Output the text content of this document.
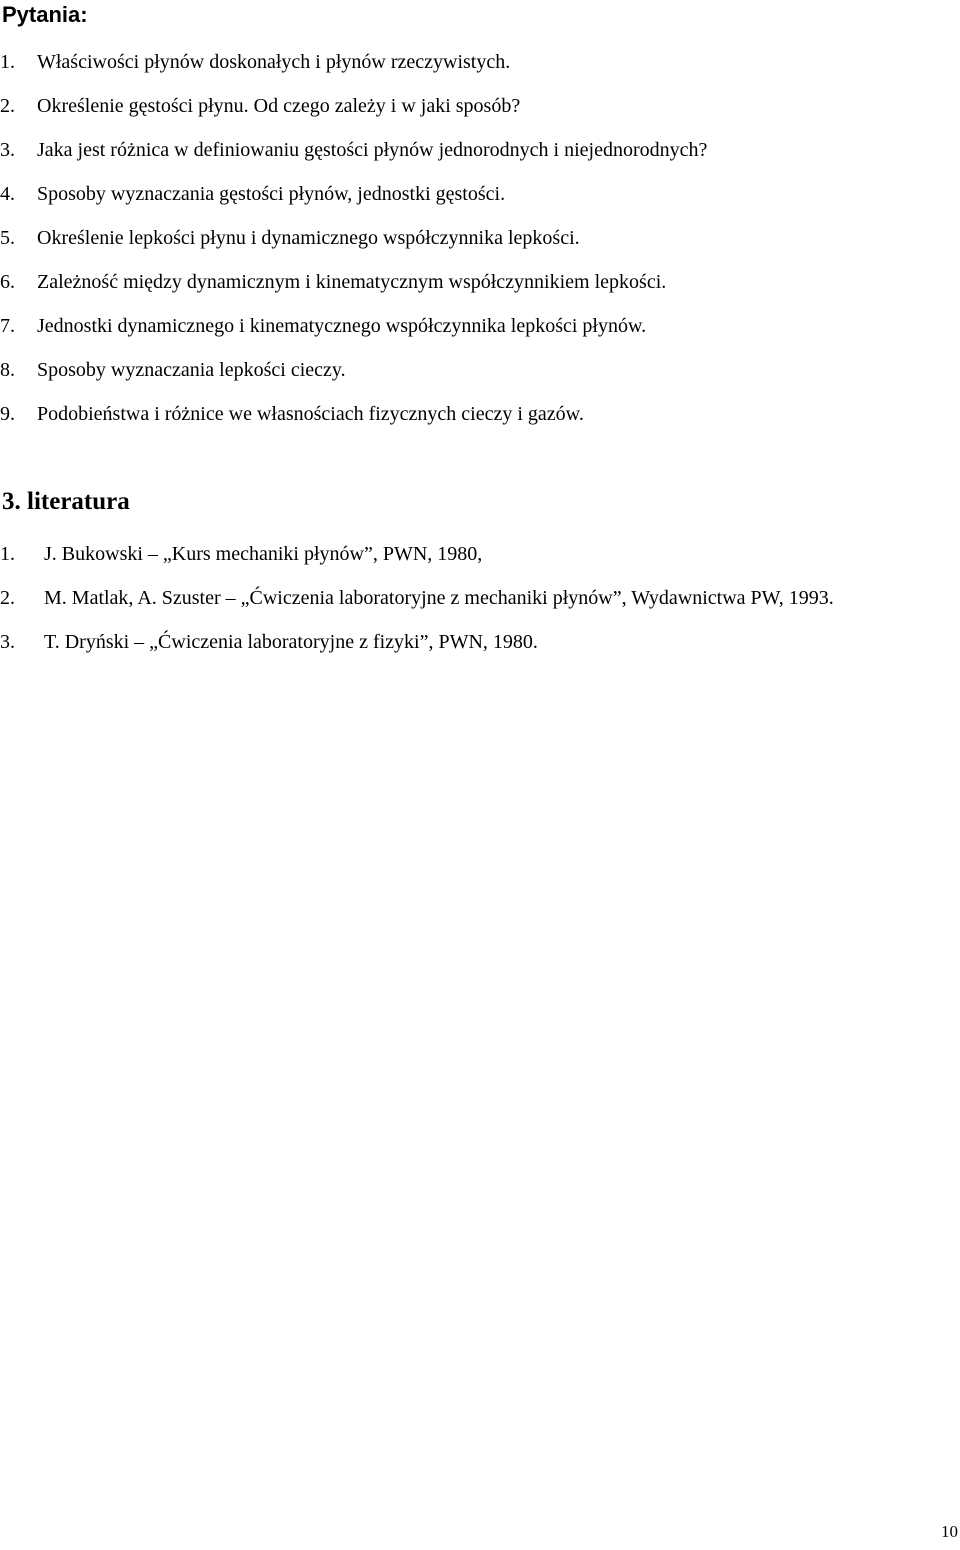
Pytania:
1.	Właściwości płynów doskonałych i płynów rzeczywistych.
2.	Określenie gęstości płynu. Od czego zależy i w jaki sposób?
3.	Jaka jest różnica w definiowaniu gęstości płynów jednorodnych i niejednorodnych?
4.	Sposoby wyznaczania gęstości płynów, jednostki gęstości.
5.	Określenie lepkości płynu i dynamicznego współczynnika lepkości.
6.	Zależność między dynamicznym i kinematycznym współczynnikiem lepkości.
7.	Jednostki dynamicznego i kinematycznego współczynnika lepkości płynów.
8.	Sposoby wyznaczania lepkości cieczy.
9.	Podobieństwa i różnice we własnościach fizycznych cieczy i gazów.
3. literatura
1. J. Bukowski – „Kurs mechaniki płynów”, PWN, 1980,
2. M. Matlak, A. Szuster – „Ćwiczenia laboratoryjne z mechaniki płynów”, Wydawnictwa PW, 1993.
3. T. Dryński – „Ćwiczenia laboratoryjne z fizyki”, PWN, 1980.
10
